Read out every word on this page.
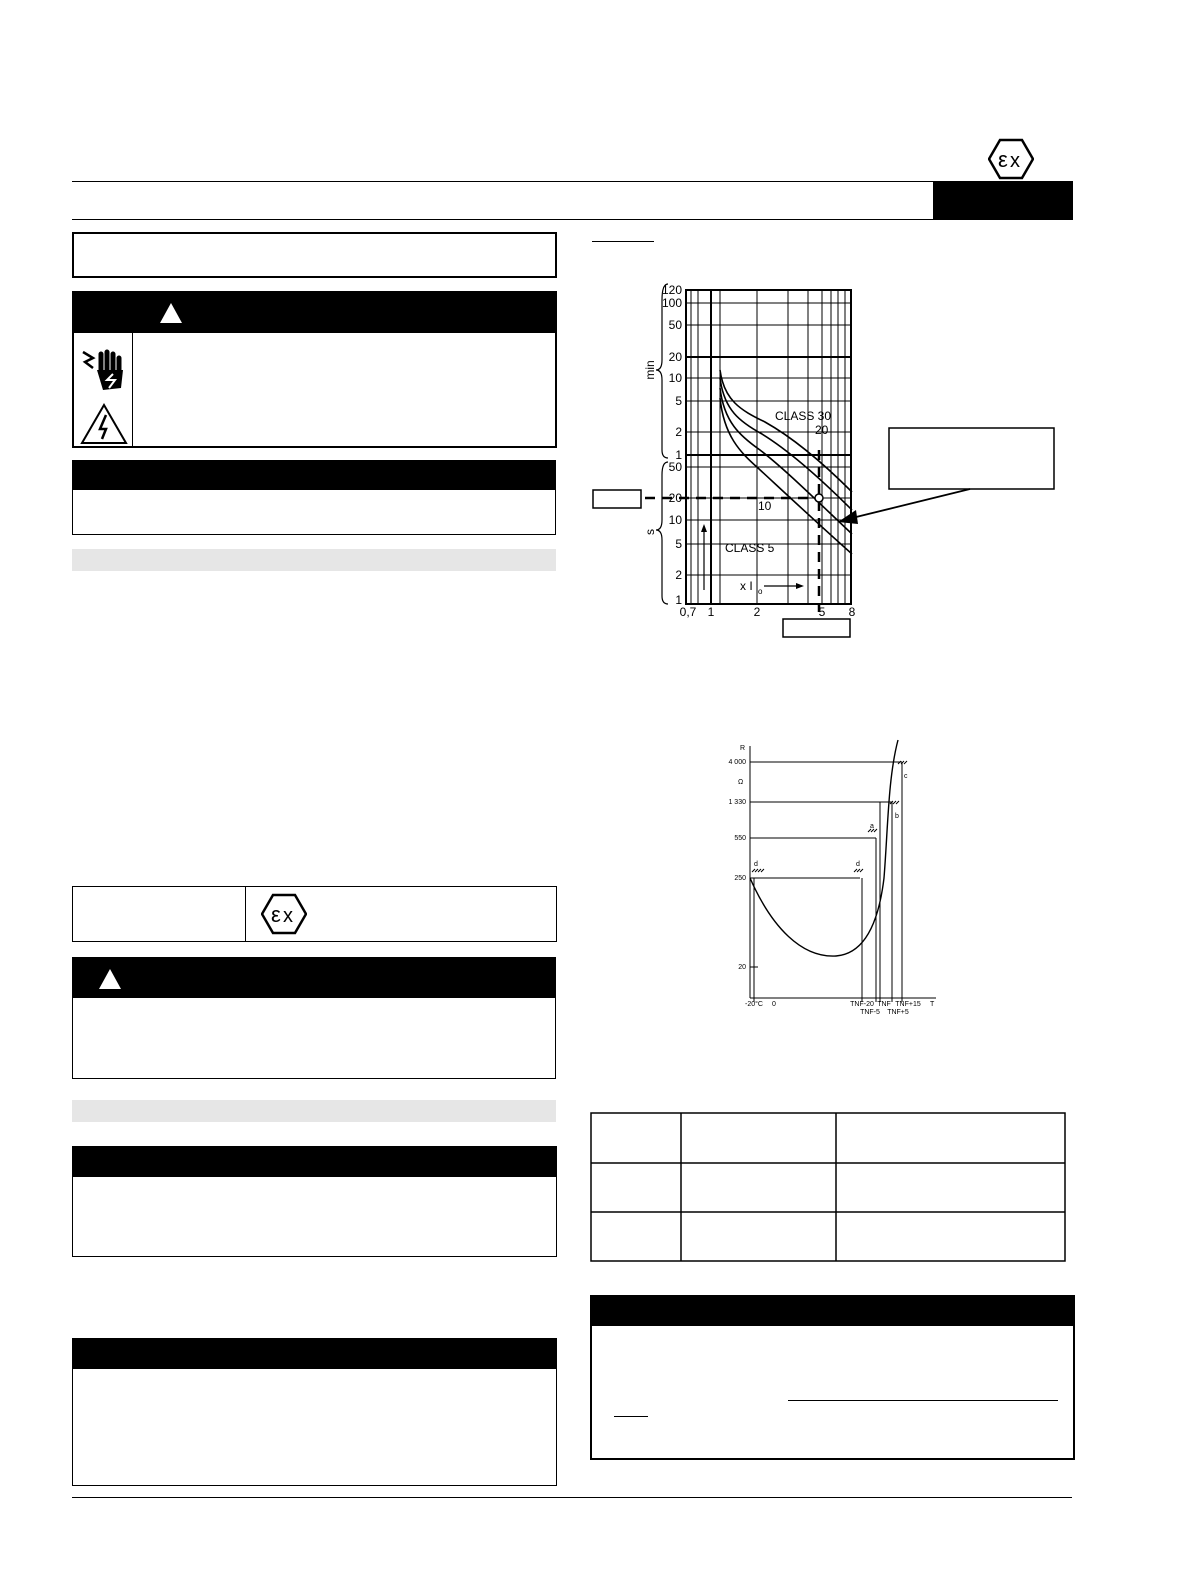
ε x
ε x
120
100
50
20
10
5
2
1
50
20
10
5
2
1
0,7 1	2	5 8
min
s
CLASS 30
20
10
CLASS 5
x I o
R
Ω
4 000
1 330
550
250
20
-20°C 0	TNF-20
TNF-5
TNF TNF+15
TNF+5
T
a
b
c
d	d
